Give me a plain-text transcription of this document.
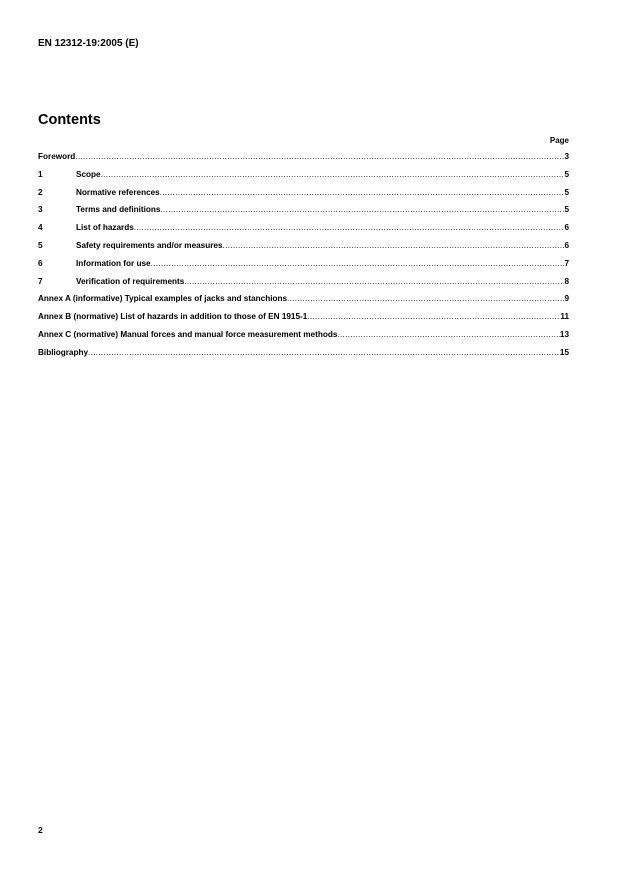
EN 12312-19:2005 (E)
Contents
Page
Foreword .....	3
1	Scope .....	5
2	Normative references .....	5
3	Terms and definitions .....	5
4	List of hazards .....	6
5	Safety requirements and/or measures .....	6
6	Information for use .....	7
7	Verification of requirements .....	8
Annex A (informative) Typical examples of jacks and stanchions .....	9
Annex B (normative) List of hazards in addition to those of EN 1915-1 .....	11
Annex C (normative) Manual forces and manual force measurement methods .....	13
Bibliography .....	15
2
